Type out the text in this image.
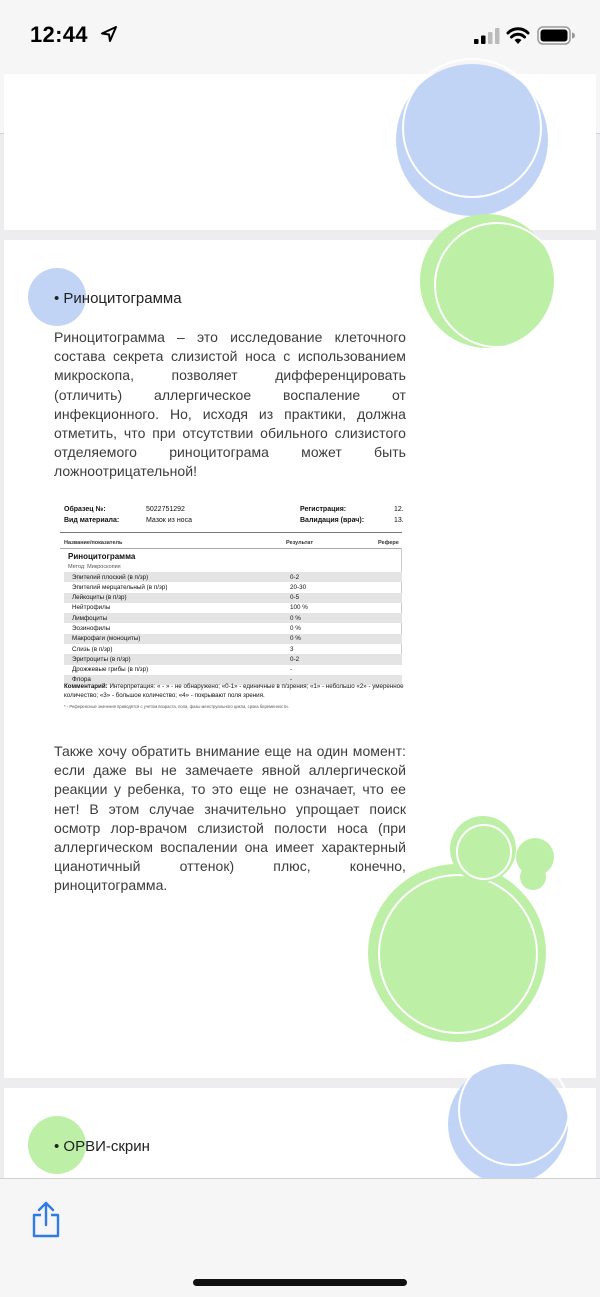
12:44
• Риноцитограмма
Риноцитограмма – это исследование клеточного состава секрета слизистой носа с использованием микроскопа, позволяет дифференцировать (отличить) аллергическое воспаление от инфекционного. Но, исходя из практики, должна отметить, что при отсутствии обильного слизистого отделяемого риноцитограма может быть ложноотрицательной!
Образец №:	5022751292
Вид материала:	Мазок из носа
Регистрация:	12.
Валидация (врач):	13.
Название/показатель	Результат	Рефере
Риноцитограмма
Метод: Микроскопия
Эпителий плоский (в п/зр)	0-2
Эпителий мерцательный (в п/зр)	20-30
Лейкоциты (в п/зр)	0-5
Нейтрофилы	100 %
Лимфоциты	0 %
Эозинофилы	0 %
Макрофаги (моноциты)	0 %
Слизь (в п/зр)	3
Эритроциты (в п/зр)	0-2
Дрожжевые грибы (в п/зр)	-
Флора	-
Комментарий: Интерпретация: « - » - не обнаружено; «0-1» - единичные в п/зрения; «1» - небольшо «2» - умеренное количество; «3» - большое количество; «4» - покрывают поля зрения.
* - Референсные значения приводятся с учетом возраста, пола, фазы менструального цикла, срока беременности.
Также хочу обратить внимание еще на один момент: если даже вы не замечаете явной аллергической реакции у ребенка, то это еще не означает, что ее нет! В этом случае значительно упрощает поиск осмотр лор-врачом слизистой полости носа (при аллергическом воспалении она имеет характерный цианотичный оттенок) плюс, конечно, риноцитограмма.
• ОРВИ-скрин
